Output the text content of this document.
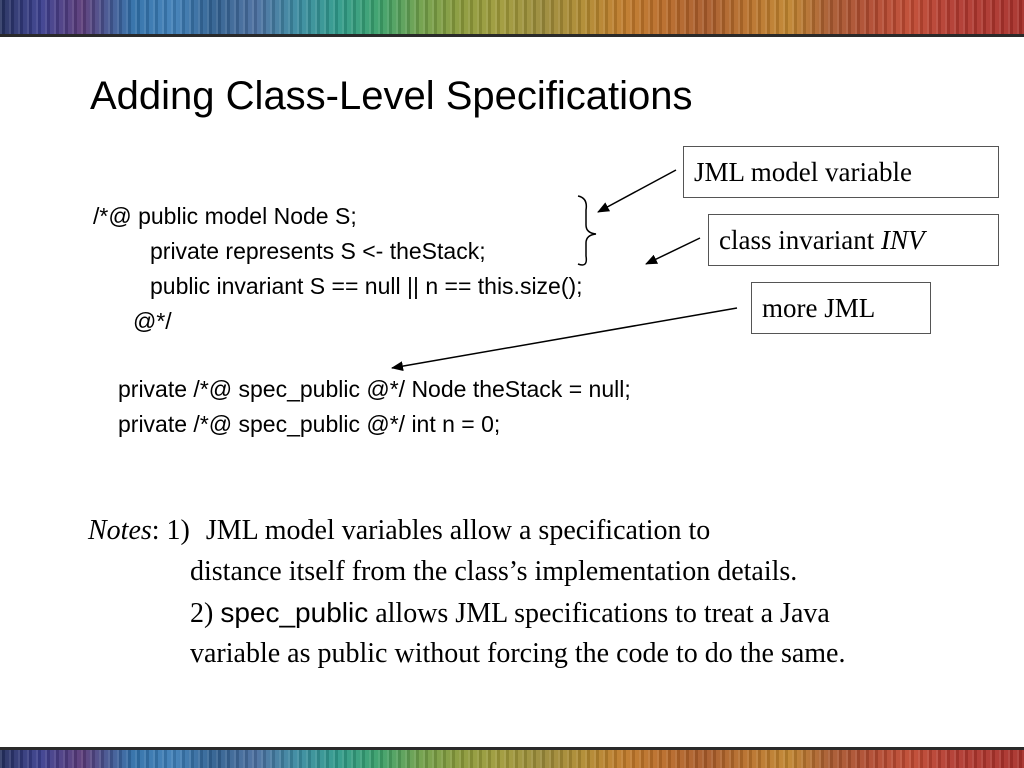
Adding Class-Level Specifications
/*@ public model Node S;
private represents S <- theStack;
public invariant S == null || n == this.size();
@*/
private /*@ spec_public @*/ Node theStack = null;
private /*@ spec_public @*/ int n = 0;
JML model variable
class invariant INV
more JML
Notes: 1) JML model variables allow a specification to
distance itself from the class’s implementation details.
2) spec_public allows JML specifications to treat a Java
variable as public without forcing the code to do the same.
